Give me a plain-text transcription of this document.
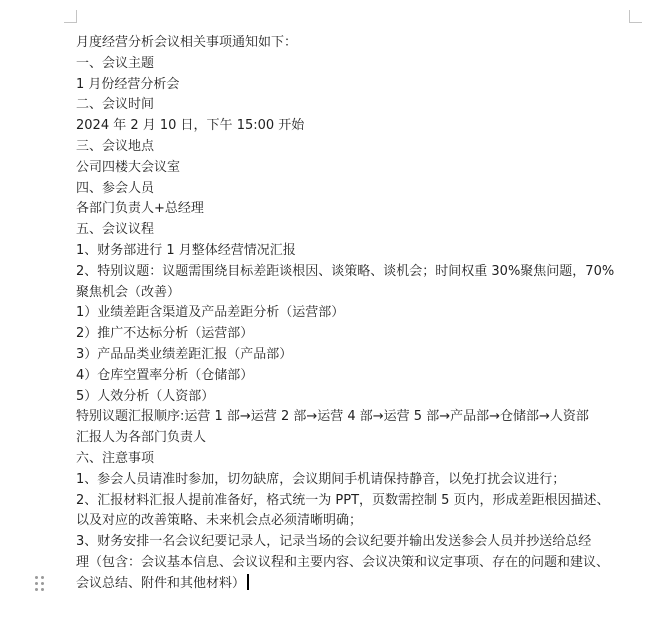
月度经营分析会议相关事项通知如下：
一、会议主题
1 月份经营分析会
二、会议时间
2024 年 2 月 10 日，下午 15:00 开始
三、会议地点
公司四楼大会议室
四、参会人员
各部门负责人+总经理
五、会议议程
1、财务部进行 1 月整体经营情况汇报
2、特别议题：议题需围绕目标差距谈根因、谈策略、谈机会；时间权重 30%聚焦问题，70%
聚焦机会（改善）
1）业绩差距含渠道及产品差距分析（运营部）
2）推广不达标分析（运营部）
3）产品品类业绩差距汇报（产品部）
4）仓库空置率分析（仓储部）
5）人效分析（人资部）
特别议题汇报顺序:运营 1 部→运营 2 部→运营 4 部→运营 5 部→产品部→仓储部→人资部
汇报人为各部门负责人
六、注意事项
1、参会人员请准时参加，切勿缺席，会议期间手机请保持静音，以免打扰会议进行；
2、汇报材料汇报人提前准备好，格式统一为 PPT，页数需控制 5 页内，形成差距根因描述、
以及对应的改善策略、未来机会点必须清晰明确；
3、财务安排一名会议纪要记录人，记录当场的会议纪要并输出发送参会人员并抄送给总经
理（包含：会议基本信息、会议议程和主要内容、会议决策和议定事项、存在的问题和建议、
会议总结、附件和其他材料）
